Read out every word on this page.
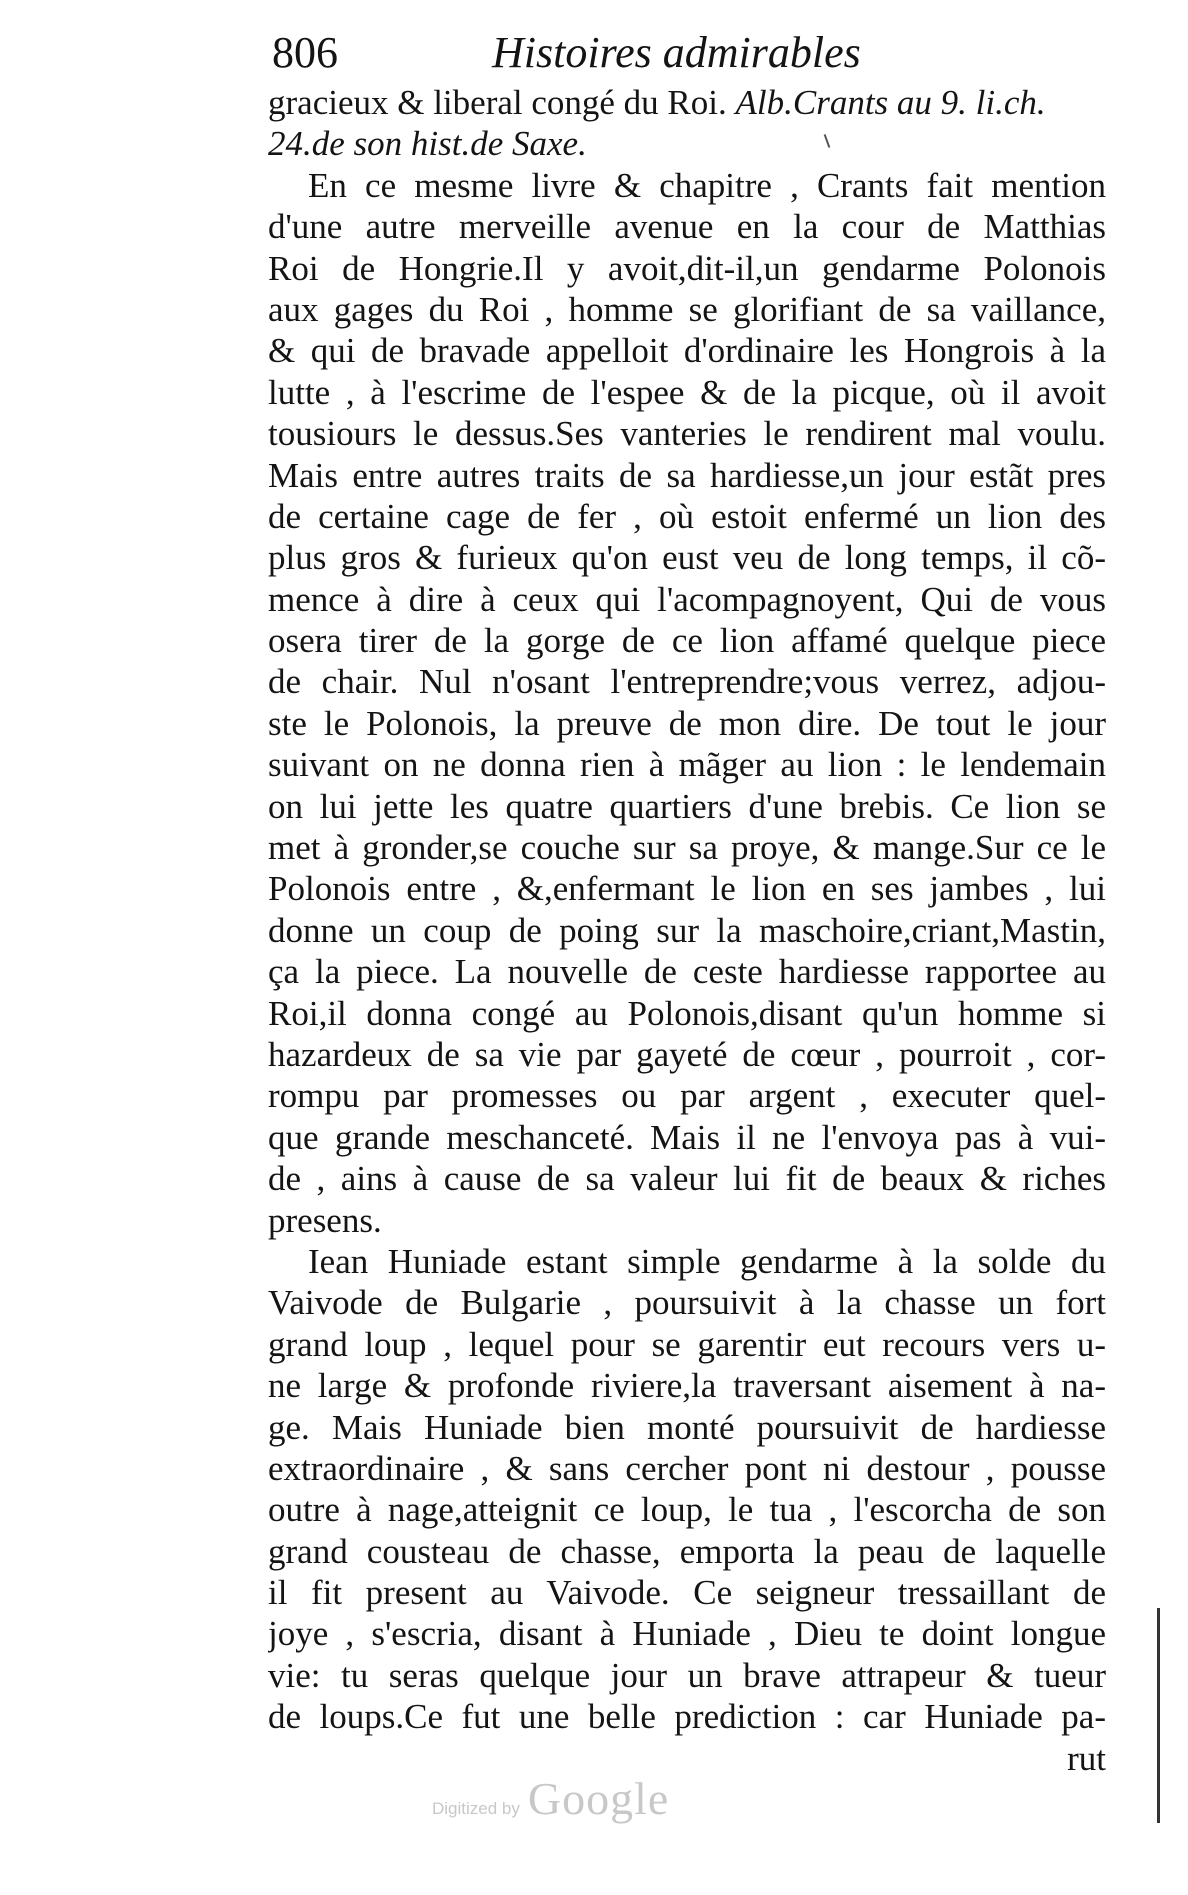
806	Histoires admirables
gracieux & liberal congé du Roi. Alb.Crants au 9. li.ch.
24.de son hist.de Saxe.
En ce mesme livre & chapitre , Crants fait mention
d'une autre merveille avenue en la cour de Matthias
Roi de Hongrie.Il y avoit,dit-il,un gendarme Polonois
aux gages du Roi , homme se glorifiant de sa vaillance,
& qui de bravade appelloit d'ordinaire les Hongrois à la
lutte , à l'escrime de l'espee & de la picque, où il avoit
tousiours le dessus.Ses vanteries le rendirent mal voulu.
Mais entre autres traits de sa hardiesse,un jour estãt pres
de certaine cage de fer , où estoit enfermé un lion des
plus gros & furieux qu'on eust veu de long temps, il cõ-
mence à dire à ceux qui l'acompagnoyent, Qui de vous
osera tirer de la gorge de ce lion affamé quelque piece
de chair. Nul n'osant l'entreprendre;vous verrez, adjou-
ste le Polonois, la preuve de mon dire. De tout le jour
suivant on ne donna rien à mãger au lion : le lendemain
on lui jette les quatre quartiers d'une brebis. Ce lion se
met à gronder,se couche sur sa proye, & mange.Sur ce le
Polonois entre , &,enfermant le lion en ses jambes , lui
donne un coup de poing sur la maschoire,criant,Mastin,
ça la piece. La nouvelle de ceste hardiesse rapportee au
Roi,il donna congé au Polonois,disant qu'un homme si
hazardeux de sa vie par gayeté de cœur , pourroit , cor-
rompu par promesses ou par argent , executer quel-
que grande meschanceté. Mais il ne l'envoya pas à vui-
de , ains à cause de sa valeur lui fit de beaux & riches
presens.
Iean Huniade estant simple gendarme à la solde du
Vaivode de Bulgarie , poursuivit à la chasse un fort
grand loup , lequel pour se garentir eut recours vers u-
ne large & profonde riviere,la traversant aisement à na-
ge. Mais Huniade bien monté poursuivit de hardiesse
extraordinaire , & sans cercher pont ni destour , pousse
outre à nage,atteignit ce loup, le tua , l'escorcha de son
grand cousteau de chasse, emporta la peau de laquelle
il fit present au Vaivode. Ce seigneur tressaillant de
joye , s'escria, disant à Huniade , Dieu te doint longue
vie: tu seras quelque jour un brave attrapeur & tueur
de loups.Ce fut une belle prediction : car Huniade pa-
rut
Digitized by Google
